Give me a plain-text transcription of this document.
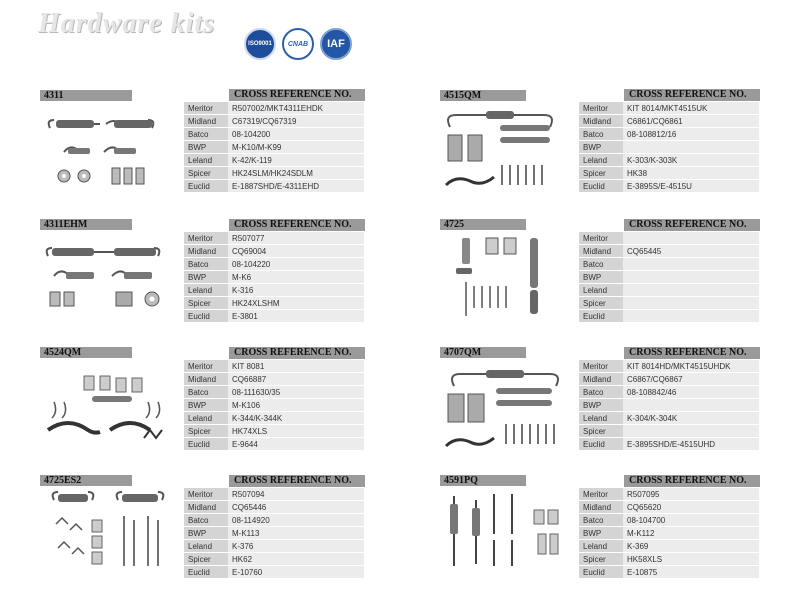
Hardware kits
ISO9001 CNAB IAF
4311	CROSS REFERENCE NO.
Meritor	R507002/MKT4311EHDK
Midland	C67319/CQ67319
Batco	08-104200
BWP	M-K10/M-K99
Leland	K-42/K-119
Spicer	HK24SLM/HK24SDLM
Euclid	E-1887SHD/E-4311EHD
4515QM	CROSS REFERENCE NO.
Meritor	KIT 8014/MKT4515UK
Midland	C6861/CQ6861
Batco	08-108812/16
BWP	
Leland	K-303/K-303K
Spicer	HK38
Euclid	E-3895S/E-4515U
4311EHM	CROSS REFERENCE NO.
Meritor	R507077
Midland	CQ69004
Batco	08-104220
BWP	M-K6
Leland	K-316
Spicer	HK24XLSHM
Euclid	E-3801
4725	CROSS REFERENCE NO.
Meritor	
Midland	CQ65445
Batco	
BWP	
Leland	
Spicer	
Euclid	
4524QM	CROSS REFERENCE NO.
Meritor	KIT 8081
Midland	CQ66887
Batco	08-111630/35
BWP	M-K106
Leland	K-344/K-344K
Spicer	HK74XLS
Euclid	E-9644
4707QM	CROSS REFERENCE NO.
Meritor	KIT 8014HD/MKT4515UHDK
Midland	C6867/CQ6867
Batco	08-108842/46
BWP	
Leland	K-304/K-304K
Spicer	
Euclid	E-3895SHD/E-4515UHD
4725ES2	CROSS REFERENCE NO.
Meritor	R507094
Midland	CQ65446
Batco	08-114920
BWP	M-K113
Leland	K-376
Spicer	HK62
Euclid	E-10760
4591PQ	CROSS REFERENCE NO.
Meritor	R507095
Midland	CQ65620
Batco	08-104700
BWP	M-K112
Leland	K-369
Spicer	HK58XLS
Euclid	E-10875
